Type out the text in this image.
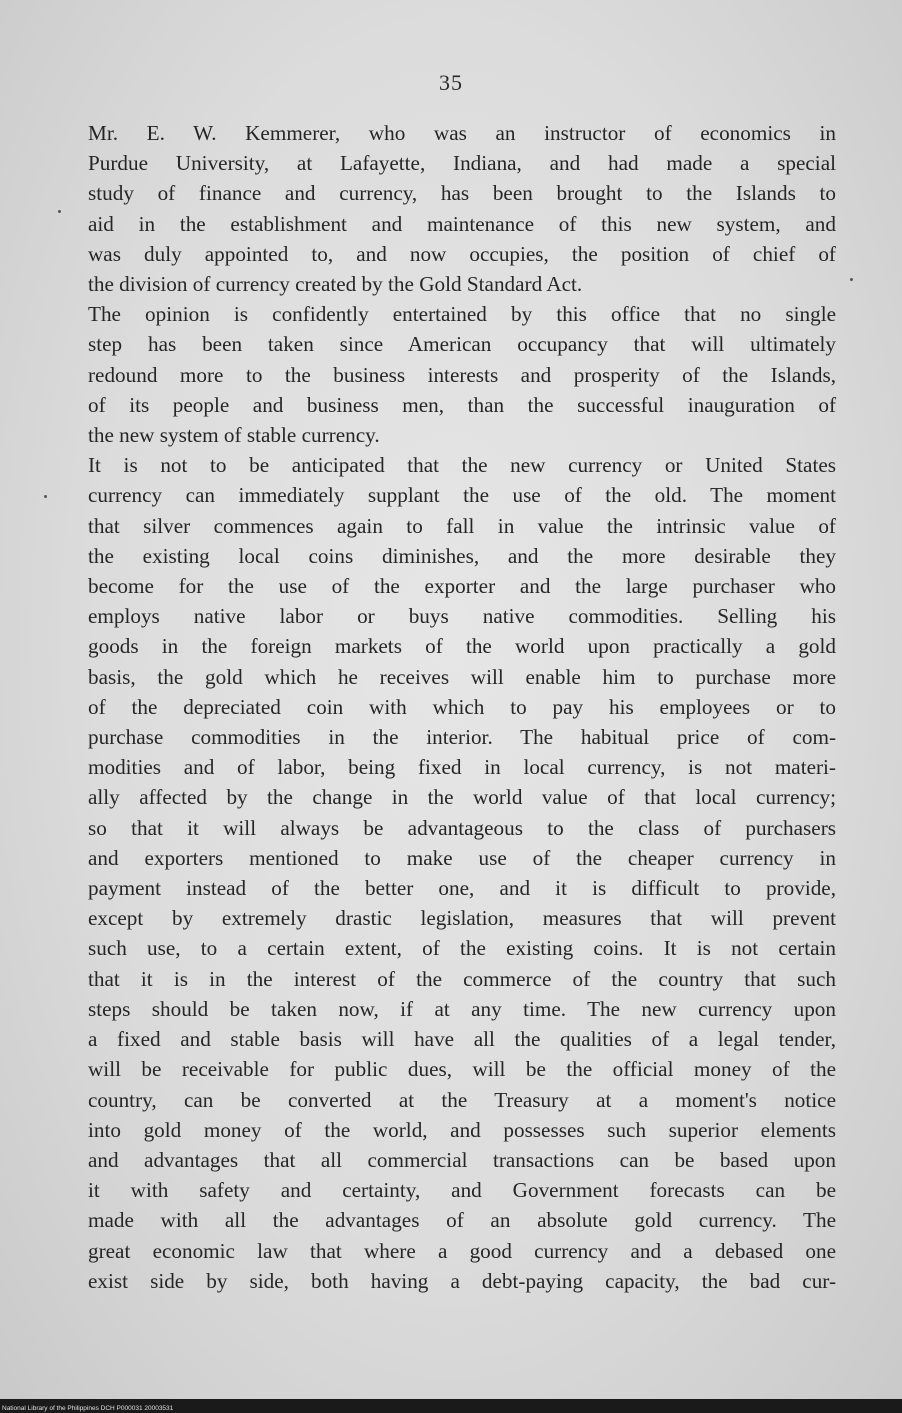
35
Mr. E. W. Kemmerer, who was an instructor of economics in
Purdue University, at Lafayette, Indiana, and had made a special
study of finance and currency, has been brought to the Islands to
aid in the establishment and maintenance of this new system, and
was duly appointed to, and now occupies, the position of chief of
the division of currency created by the Gold Standard Act.
The opinion is confidently entertained by this office that no single
step has been taken since American occupancy that will ultimately
redound more to the business interests and prosperity of the Islands,
of its people and business men, than the successful inauguration of
the new system of stable currency.
It is not to be anticipated that the new currency or United States
currency can immediately supplant the use of the old. The moment
that silver commences again to fall in value the intrinsic value of
the existing local coins diminishes, and the more desirable they
become for the use of the exporter and the large purchaser who
employs native labor or buys native commodities. Selling his
goods in the foreign markets of the world upon practically a gold
basis, the gold which he receives will enable him to purchase more
of the depreciated coin with which to pay his employees or to
purchase commodities in the interior. The habitual price of com-
modities and of labor, being fixed in local currency, is not materi-
ally affected by the change in the world value of that local currency;
so that it will always be advantageous to the class of purchasers
and exporters mentioned to make use of the cheaper currency in
payment instead of the better one, and it is difficult to provide,
except by extremely drastic legislation, measures that will prevent
such use, to a certain extent, of the existing coins. It is not certain
that it is in the interest of the commerce of the country that such
steps should be taken now, if at any time. The new currency upon
a fixed and stable basis will have all the qualities of a legal tender,
will be receivable for public dues, will be the official money of the
country, can be converted at the Treasury at a moment's notice
into gold money of the world, and possesses such superior elements
and advantages that all commercial transactions can be based upon
it with safety and certainty, and Government forecasts can be
made with all the advantages of an absolute gold currency. The
great economic law that where a good currency and a debased one
exist side by side, both having a debt-paying capacity, the bad cur-
National Library of the Philippines DCH P000031 20003531
